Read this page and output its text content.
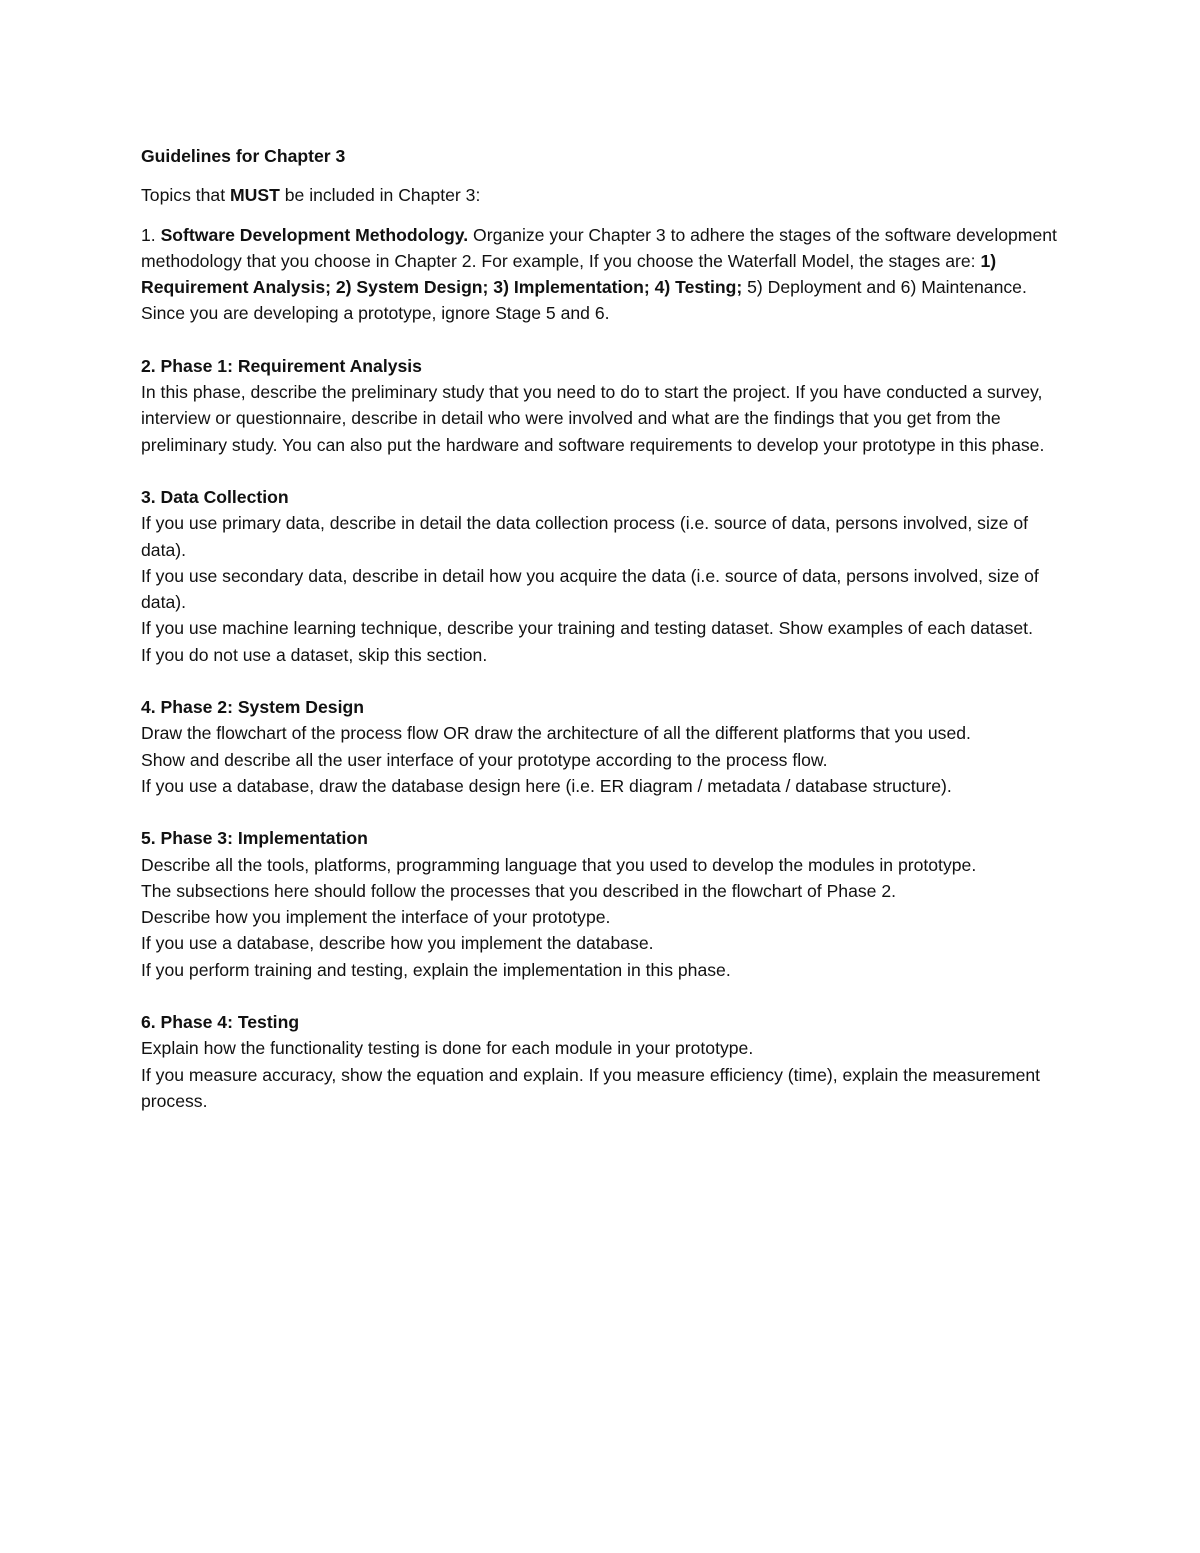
Guidelines for Chapter 3

Topics that MUST be included in Chapter 3:

1. Software Development Methodology. Organize your Chapter 3 to adhere the stages of the software development methodology that you choose in Chapter 2. For example, If you choose the Waterfall Model, the stages are: 1) Requirement Analysis; 2) System Design; 3) Implementation; 4) Testing; 5) Deployment and 6) Maintenance. Since you are developing a prototype, ignore Stage 5 and 6.

2. Phase 1: Requirement Analysis

In this phase, describe the preliminary study that you need to do to start the project. If you have conducted a survey, interview or questionnaire, describe in detail who were involved and what are the findings that you get from the preliminary study. You can also put the hardware and software requirements to develop your prototype in this phase.

3. Data Collection

If you use primary data, describe in detail the data collection process (i.e. source of data, persons involved, size of data).

If you use secondary data, describe in detail how you acquire the data (i.e. source of data, persons involved, size of data).

If you use machine learning technique, describe your training and testing dataset. Show examples of each dataset.

If you do not use a dataset, skip this section.

4. Phase 2: System Design

Draw the flowchart of the process flow OR draw the architecture of all the different platforms that you used.

Show and describe all the user interface of your prototype according to the process flow.

If you use a database, draw the database design here (i.e. ER diagram / metadata / database structure).

5. Phase 3: Implementation

Describe all the tools, platforms, programming language that you used to develop the modules in prototype.

The subsections here should follow the processes that you described in the flowchart of Phase 2.

Describe how you implement the interface of your prototype.

If you use a database, describe how you implement the database.

If you perform training and testing, explain the implementation in this phase.

6. Phase 4: Testing

Explain how the functionality testing is done for each module in your prototype.

If you measure accuracy, show the equation and explain. If you measure efficiency (time), explain the measurement process.
